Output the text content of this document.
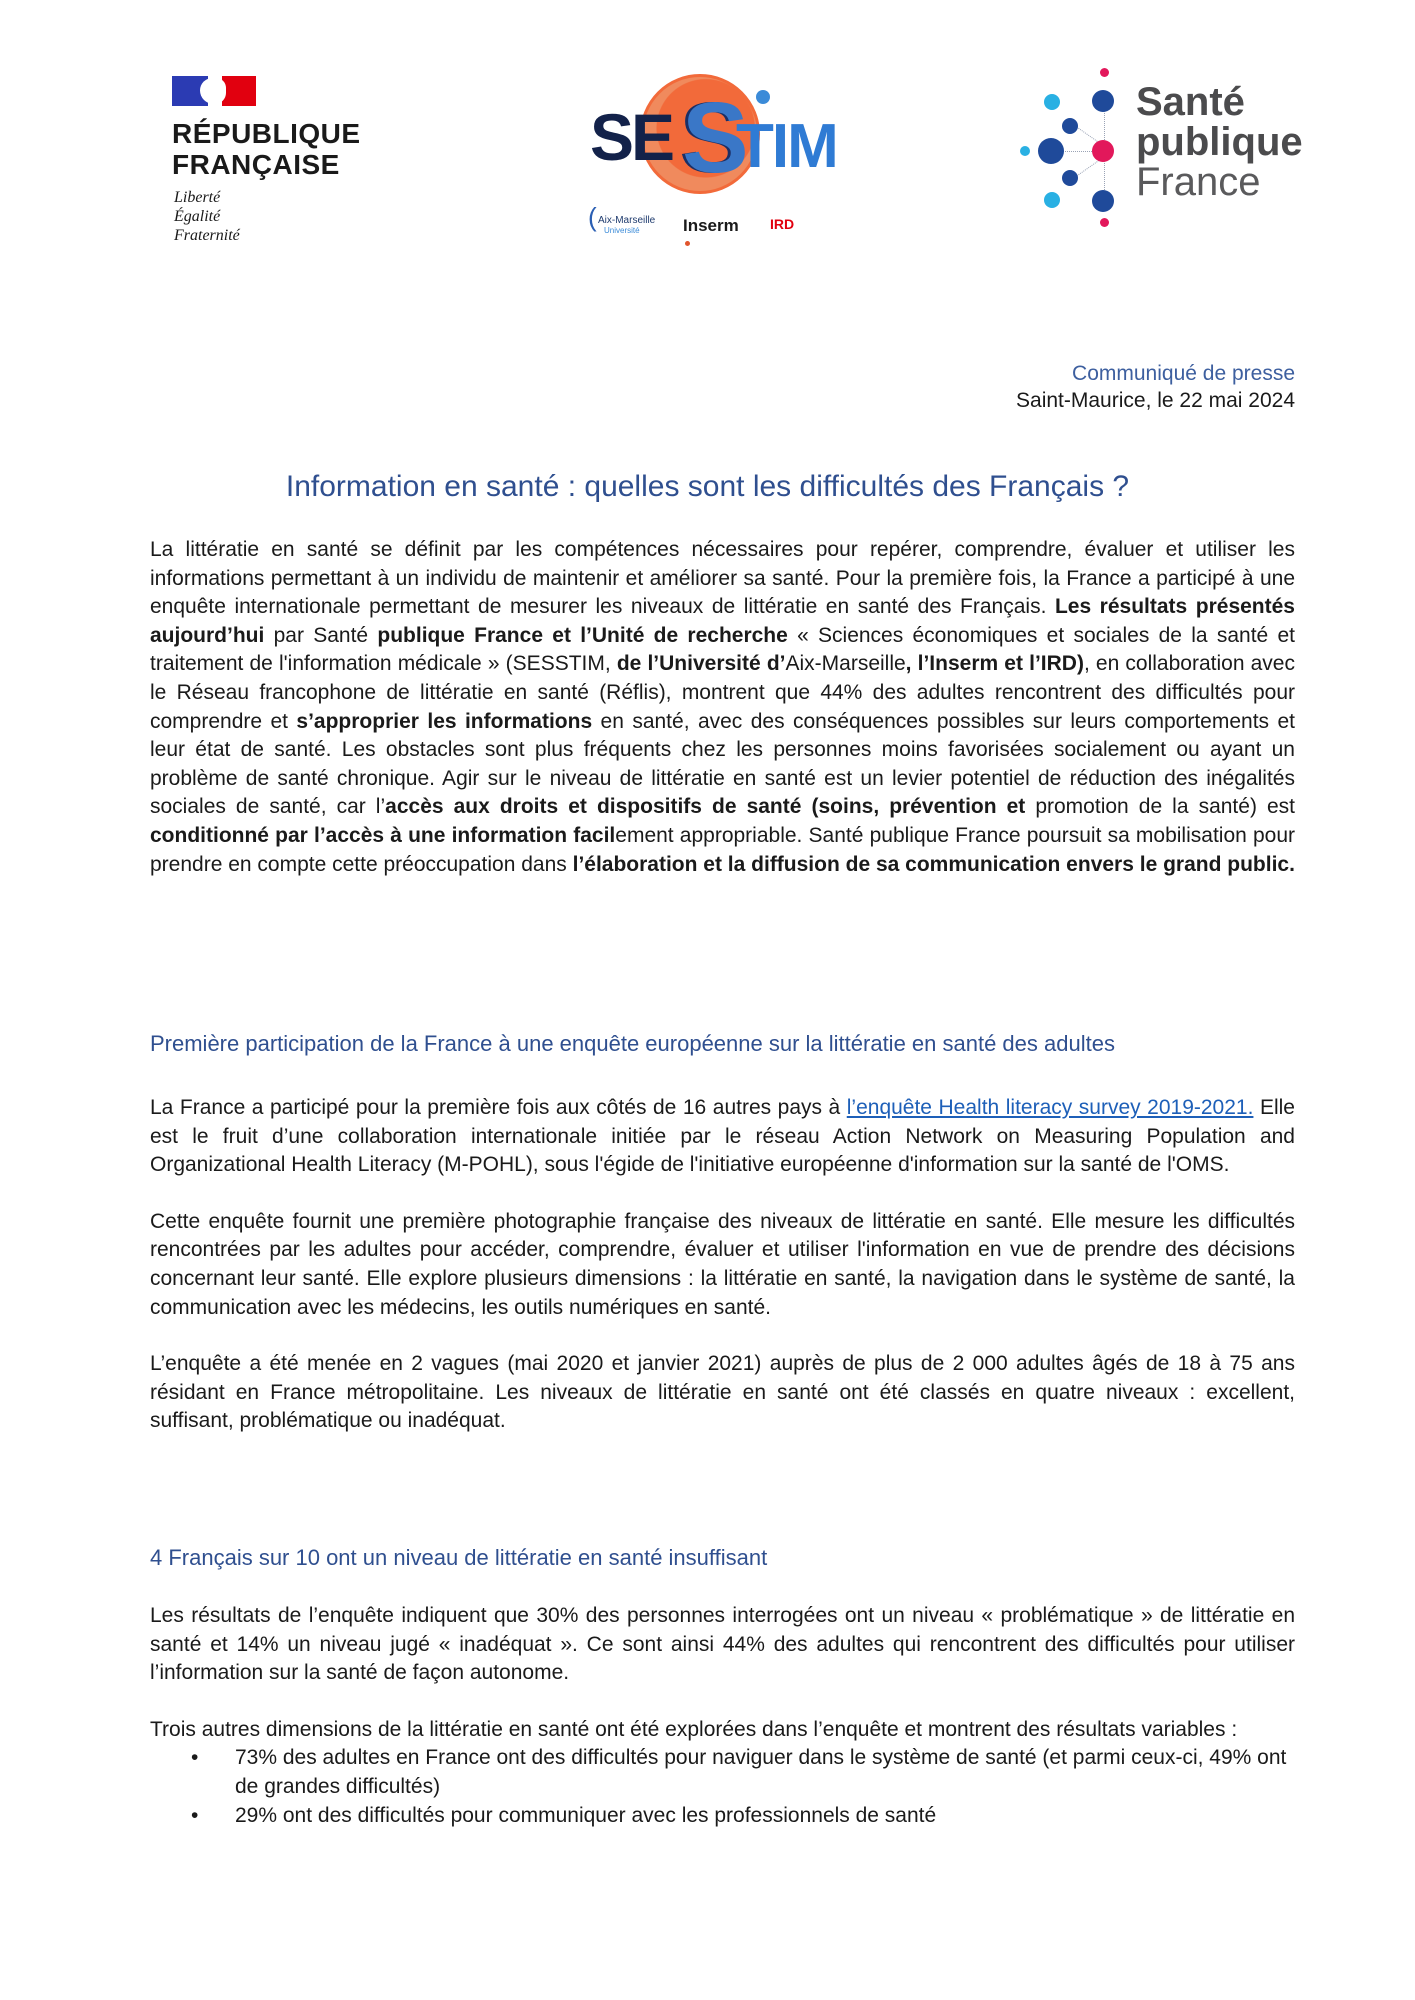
RÉPUBLIQUE
FRANÇAISE
Liberté
Égalité
Fraternité
SE S
TIM
( Aix-Marseille
Université	Inserm IRD
Santé
publique
France
Communiqué de presse
Saint-Maurice, le 22 mai 2024
Information en santé : quelles sont les difficultés des Français ?

La littératie en santé se définit par les compétences nécessaires pour repérer, comprendre, évaluer et utiliser les informations permettant à un individu de maintenir et améliorer sa santé. Pour la première fois, la France a participé à une enquête internationale permettant de mesurer les niveaux de littératie en santé des Français. Les résultats présentés aujourd’hui par Santé publique France et l’Unité de recherche « Sciences économiques et sociales de la santé et traitement de l'information médicale » (SESSTIM, de l’Université d’Aix-Marseille, l’Inserm et l’IRD), en collaboration avec le Réseau francophone de littératie en santé (Réflis), montrent que 44% des adultes rencontrent des difficultés pour comprendre et s’approprier les informations en santé, avec des conséquences possibles sur leurs comportements et leur état de santé. Les obstacles sont plus fréquents chez les personnes moins favorisées socialement ou ayant un problème de santé chronique. Agir sur le niveau de littératie en santé est un levier potentiel de réduction des inégalités sociales de santé, car l’accès aux droits et dispositifs de santé (soins, prévention et promotion de la santé) est conditionné par l’accès à une information facilement appropriable. Santé publique France poursuit sa mobilisation pour prendre en compte cette préoccupation dans l’élaboration et la diffusion de sa communication envers le grand public.

Première participation de la France à une enquête européenne sur la littératie en santé des adultes

La France a participé pour la première fois aux côtés de 16 autres pays à l’enquête Health literacy survey 2019-2021. Elle est le fruit d’une collaboration internationale initiée par le réseau Action Network on Measuring Population and Organizational Health Literacy (M-POHL), sous l'égide de l'initiative européenne d'information sur la santé de l'OMS.

Cette enquête fournit une première photographie française des niveaux de littératie en santé. Elle mesure les difficultés rencontrées par les adultes pour accéder, comprendre, évaluer et utiliser l'information en vue de prendre des décisions concernant leur santé. Elle explore plusieurs dimensions : la littératie en santé, la navigation dans le système de santé, la communication avec les médecins, les outils numériques en santé.

L’enquête a été menée en 2 vagues (mai 2020 et janvier 2021) auprès de plus de 2 000 adultes âgés de 18 à 75 ans résidant en France métropolitaine. Les niveaux de littératie en santé ont été classés en quatre niveaux : excellent, suffisant, problématique ou inadéquat.

4 Français sur 10 ont un niveau de littératie en santé insuffisant

Les résultats de l’enquête indiquent que 30% des personnes interrogées ont un niveau « problématique » de littératie en santé et 14% un niveau jugé « inadéquat ». Ce sont ainsi 44% des adultes qui rencontrent des difficultés pour utiliser l’information sur la santé de façon autonome.

Trois autres dimensions de la littératie en santé ont été explorées dans l’enquête et montrent des résultats variables :

• 73% des adultes en France ont des difficultés pour naviguer dans le système de santé (et parmi ceux-ci, 49% ont de grandes difficultés)
• 29% ont des difficultés pour communiquer avec les professionnels de santé
